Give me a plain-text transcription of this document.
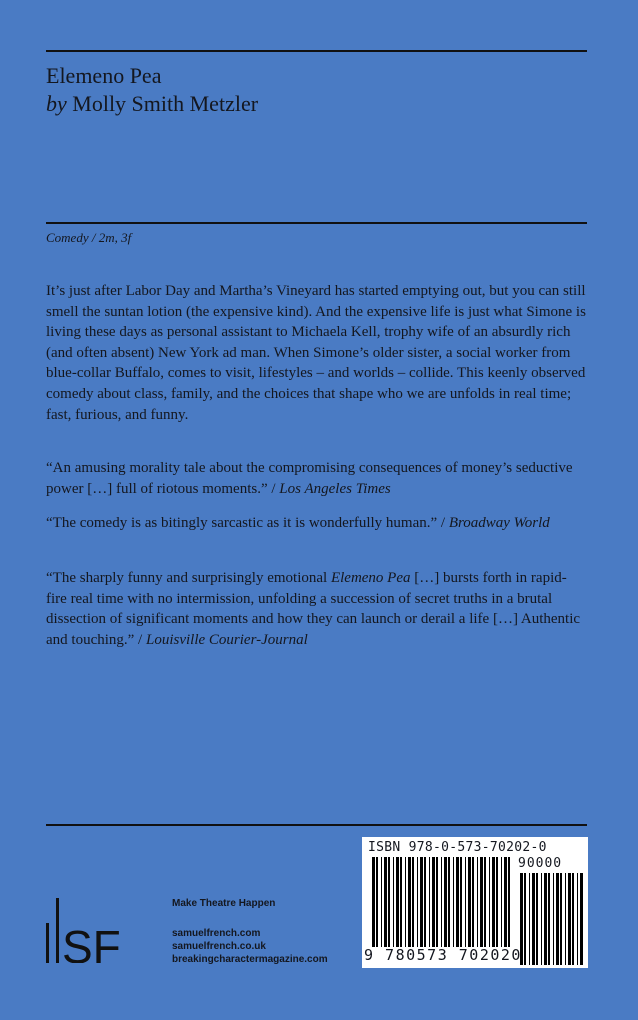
Elemeno Pea
by Molly Smith Metzler
Comedy / 2m, 3f
It’s just after Labor Day and Martha’s Vineyard has started emptying out, but you can still smell the suntan lotion (the expensive kind). And the expensive life is just what Simone is living these days as personal assistant to Michaela Kell, trophy wife of an absurdly rich (and often absent) New York ad man. When Simone’s older sister, a social worker from blue-collar Buffalo, comes to visit, lifestyles – and worlds – collide. This keenly observed comedy about class, family, and the choices that shape who we are unfolds in real time; fast, furious, and funny.
“An amusing morality tale about the compromising consequences of money’s seductive power […] full of riotous moments.” / Los Angeles Times
“The comedy is as bitingly sarcastic as it is wonderfully human.” / Broadway World
“The sharply funny and surprisingly emotional Elemeno Pea […] bursts forth in rapid-fire real time with no intermission, unfolding a succession of secret truths in a brutal dissection of significant moments and how they can launch or derail a life […] Authentic and touching.” / Louisville Courier-Journal
SF
Make Theatre Happen
samuelfrench.com
samuelfrench.co.uk
breakingcharactermagazine.com
ISBN 978-0-573-70202-0
90000
9 780573 702020
